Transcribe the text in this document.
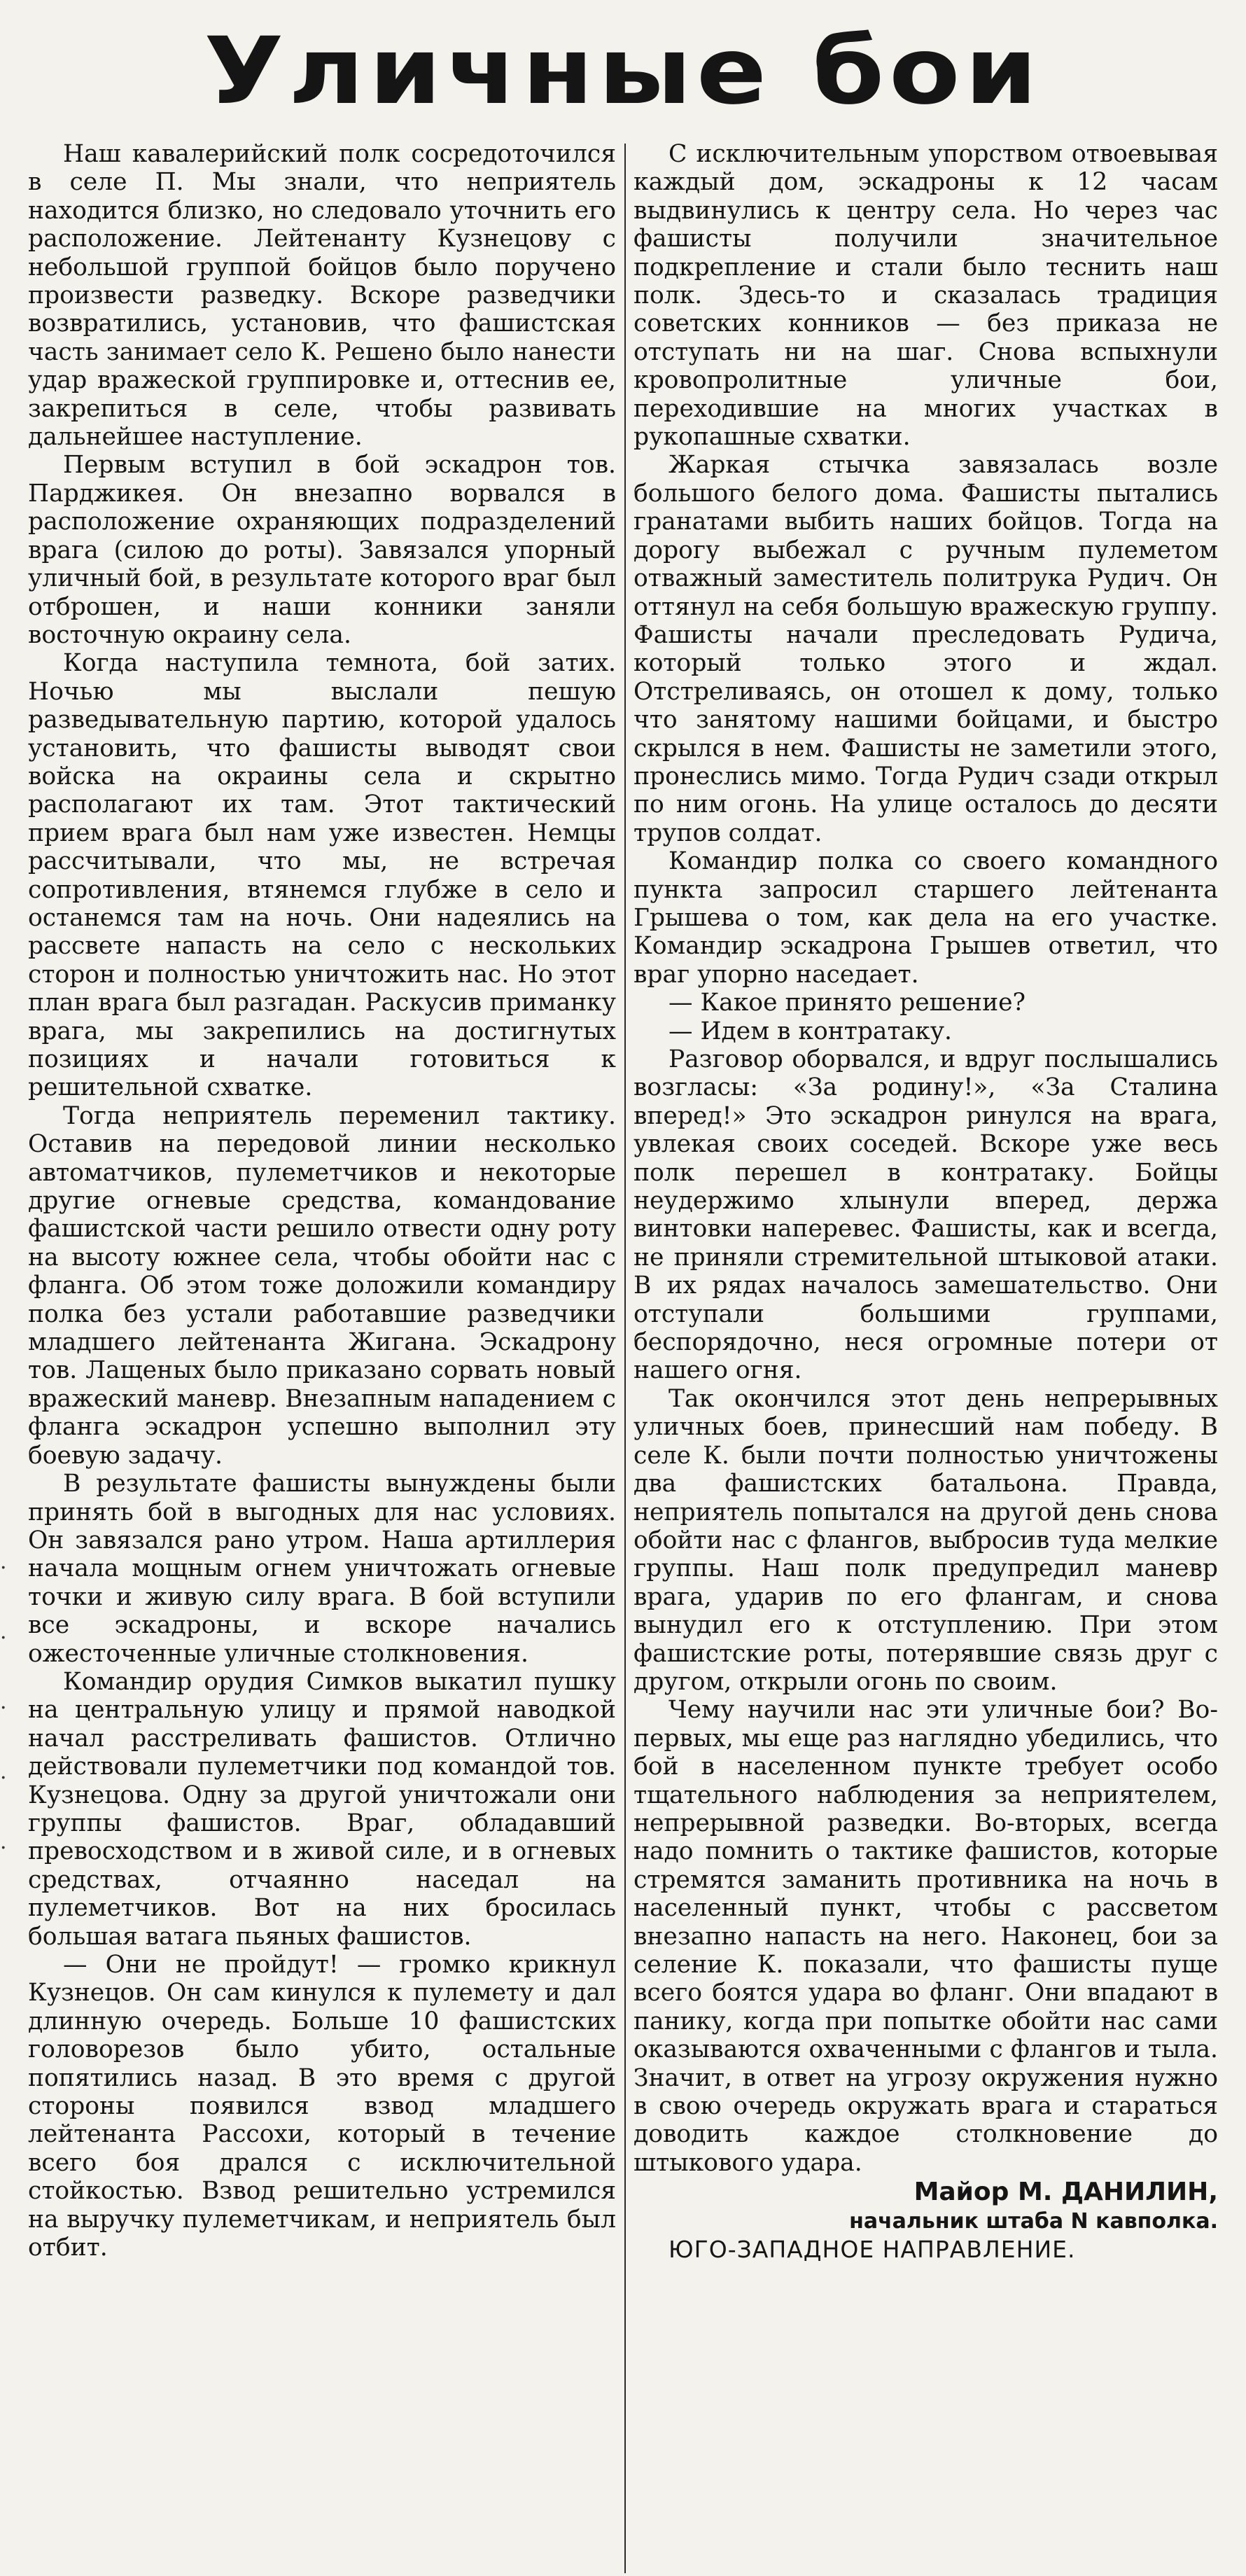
Уличные бои
·
·
·
·
·

Наш кавалерийский полк сосредоточился в селе П. Мы знали, что неприятель находится близко, но следовало уточнить его расположение. Лейтенанту Кузнецову с небольшой группой бойцов было поручено произвести разведку. Вскоре разведчики возвратились, установив, что фашистская часть занимает село К. Решено было нанести удар вражеской группировке и, оттеснив ее, закрепиться в селе, чтобы развивать дальнейшее наступление.

Первым вступил в бой эскадрон тов. Парджикея. Он внезапно ворвался в расположение охраняющих подразделений врага (силою до роты). Завязался упорный уличный бой, в результате которого враг был отброшен, и наши конники заняли восточную окраину села.

Когда наступила темнота, бой затих. Ночью мы выслали пешую разведывательную партию, которой удалось установить, что фашисты выводят свои войска на окраины села и скрытно располагают их там. Этот тактический прием врага был нам уже известен. Немцы рассчитывали, что мы, не встречая сопротивления, втянемся глубже в село и останемся там на ночь. Они надеялись на рассвете напасть на село с нескольких сторон и полностью уничтожить нас. Но этот план врага был разгадан. Раскусив приманку врага, мы закрепились на достигнутых позициях и начали готовиться к решительной схватке.

Тогда неприятель переменил тактику. Оставив на передовой линии несколько автоматчиков, пулеметчиков и некоторые другие огневые средства, командование фашистской части решило отвести одну роту на высоту южнее села, чтобы обойти нас с фланга. Об этом тоже доложили командиру полка без устали работавшие разведчики младшего лейтенанта Жигана. Эскадрону тов. Лащеных было приказано сорвать новый вражеский маневр. Внезапным нападением с фланга эскадрон успешно выполнил эту боевую задачу.

В результате фашисты вынуждены были принять бой в выгодных для нас условиях. Он завязался рано утром. Наша артиллерия начала мощным огнем уничтожать огневые точки и живую силу врага. В бой вступили все эскадроны, и вскоре начались ожесточенные уличные столкновения.

Командир орудия Симков выкатил пушку на центральную улицу и прямой наводкой начал расстреливать фашистов. Отлично действовали пулеметчики под командой тов. Кузнецова. Одну за другой уничтожали они группы фашистов. Враг, обладавший превосходством и в живой силе, и в огневых средствах, отчаянно наседал на пулеметчиков. Вот на них бросилась большая ватага пьяных фашистов.

— Они не пройдут! — громко крикнул Кузнецов. Он сам кинулся к пулемету и дал длинную очередь. Больше 10 фашистских головорезов было убито, остальные попятились назад. В это время с другой стороны появился взвод младшего лейтенанта Рассохи, который в течение всего боя дрался с исключительной стойкостью. Взвод решительно устремился на выручку пулеметчикам, и неприятель был отбит.

С исключительным упорством отвоевывая каждый дом, эскадроны к 12 часам выдвинулись к центру села. Но через час фашисты получили значительное подкрепление и стали было теснить наш полк. Здесь-то и сказалась традиция советских конников — без приказа не отступать ни на шаг. Снова вспыхнули кровопролитные уличные бои, переходившие на многих участках в рукопашные схватки.

Жаркая стычка завязалась возле большого белого дома. Фашисты пытались гранатами выбить наших бойцов. Тогда на дорогу выбежал с ручным пулеметом отважный заместитель политрука Рудич. Он оттянул на себя большую вражескую группу. Фашисты начали преследовать Рудича, который только этого и ждал. Отстреливаясь, он отошел к дому, только что занятому нашими бойцами, и быстро скрылся в нем. Фашисты не заметили этого, пронеслись мимо. Тогда Рудич сзади открыл по ним огонь. На улице осталось до десяти трупов солдат.

Командир полка со своего командного пункта запросил старшего лейтенанта Грышева о том, как дела на его участке. Командир эскадрона Грышев ответил, что враг упорно наседает.

— Какое принято решение?

— Идем в контратаку.

Разговор оборвался, и вдруг послышались возгласы: «За родину!», «За Сталина вперед!» Это эскадрон ринулся на врага, увлекая своих соседей. Вскоре уже весь полк перешел в контратаку. Бойцы неудержимо хлынули вперед, держа винтовки наперевес. Фашисты, как и всегда, не приняли стремительной штыковой атаки. В их рядах началось замешательство. Они отступали большими группами, беспорядочно, неся огромные потери от нашего огня.

Так окончился этот день непрерывных уличных боев, принесший нам победу. В селе К. были почти полностью уничтожены два фашистских батальона. Правда, неприятель попытался на другой день снова обойти нас с флангов, выбросив туда мелкие группы. Наш полк предупредил маневр врага, ударив по его флангам, и снова вынудил его к отступлению. При этом фашистские роты, потерявшие связь друг с другом, открыли огонь по своим.

Чему научили нас эти уличные бои? Во-первых, мы еще раз наглядно убедились, что бой в населенном пункте требует особо тщательного наблюдения за неприятелем, непрерывной разведки. Во-вторых, всегда надо помнить о тактике фашистов, которые стремятся заманить противника на ночь в населенный пункт, чтобы с рассветом внезапно напасть на него. Наконец, бои за селение К. показали, что фашисты пуще всего боятся удара во фланг. Они впадают в панику, когда при попытке обойти нас сами оказываются охваченными с флангов и тыла. Значит, в ответ на угрозу окружения нужно в свою очередь окружать врага и стараться доводить каждое столкновение до штыкового удара.

Майор М. ДАНИЛИН,

начальник штаба N кавполка.

ЮГО-ЗАПАДНОЕ НАПРАВЛЕНИЕ.
